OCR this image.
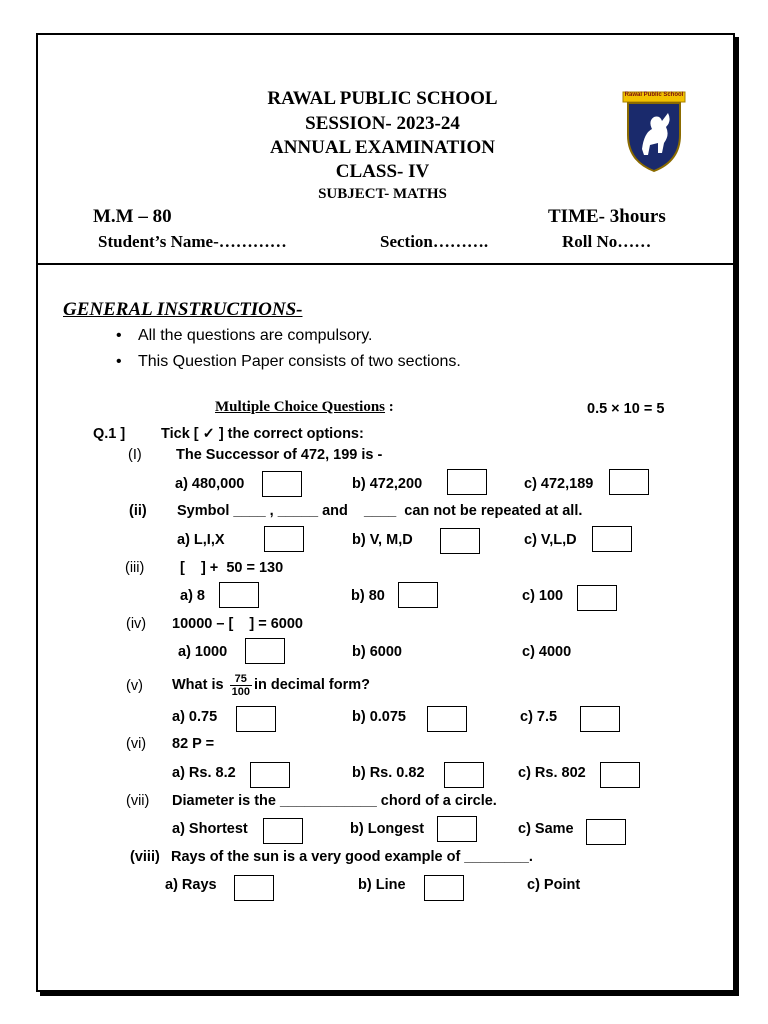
RAWAL PUBLIC SCHOOL
SESSION- 2023-24
ANNUAL EXAMINATION
CLASS- IV
SUBJECT- MATHS
Rawal Public School
M.M – 80	TIME- 3hours
Student’s Name-…………	Section……….	Roll No……
GENERAL INSTRUCTIONS-
• All the questions are compulsory.
• This Question Paper consists of two sections.
Multiple Choice Questions :	0.5 × 10 = 5
Q.1 ] Tick [ ✓ ] the correct options:
(I) The Successor of 472, 199 is -
a) 480,000	b) 472,200	c) 472,189
(ii) Symbol ____ , _____ and    ____  can not be repeated at all.
a) L,I,X	b) V, M,D	c) V,L,D
(iii) [    ] +  50 = 130
a) 8	b) 80	c) 100
(iv) 10000 – [    ] = 6000
a) 1000	b) 6000	c) 4000
(v) What is $\frac{75}{100}$ in decimal form?
a) 0.75	b) 0.075	c) 7.5
(vi) 82 P =
a) Rs. 8.2	b) Rs. 0.82	c) Rs. 802
(vii) Diameter is the ____________ chord of a circle.
a) Shortest	b) Longest	c) Same
(viii) Rays of the sun is a very good example of ________.
a) Rays	b) Line	c) Point
